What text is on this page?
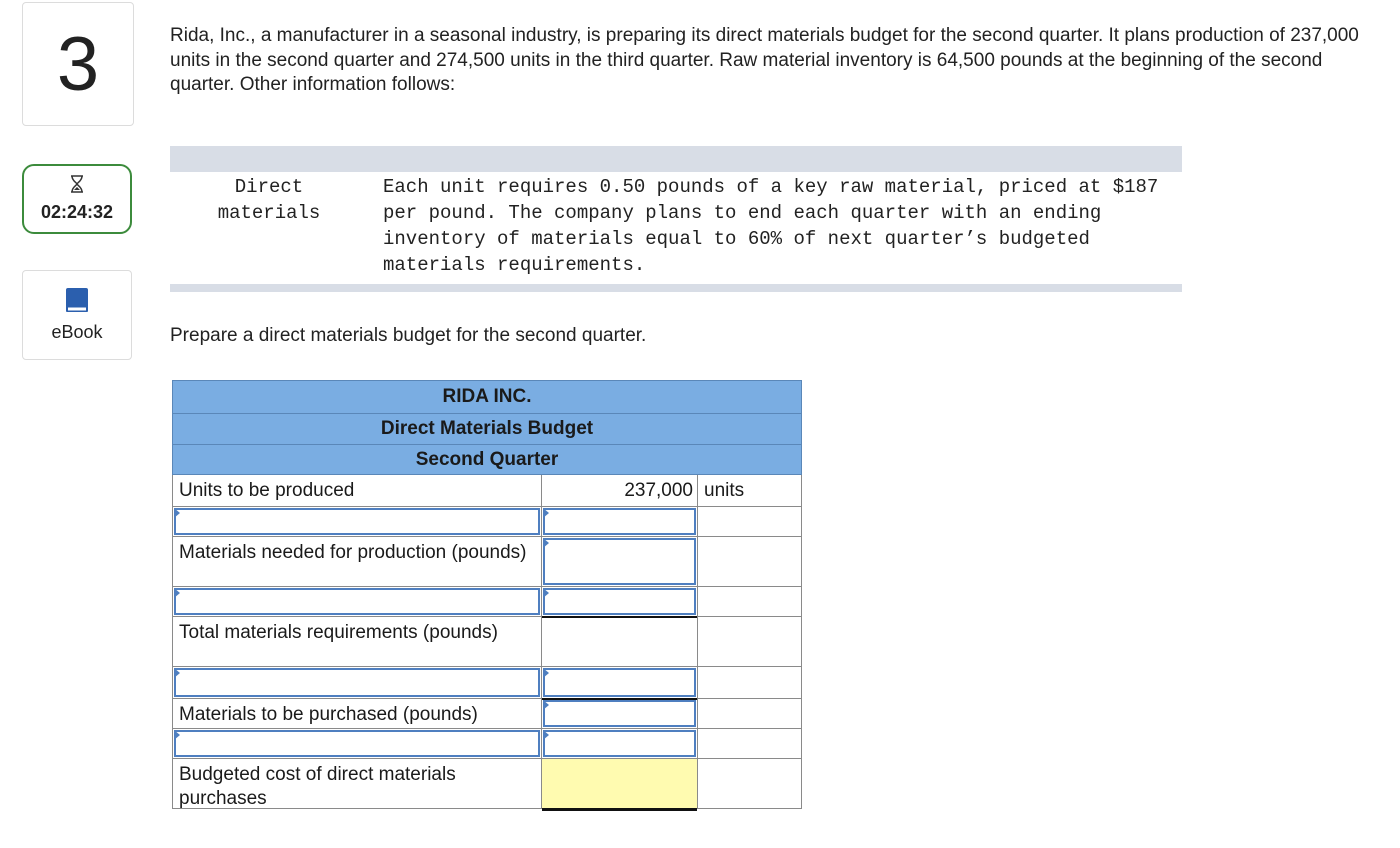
3
02:24:32
eBook
Rida, Inc., a manufacturer in a seasonal industry, is preparing its direct materials budget for the second quarter. It plans production of 237,000 units in the second quarter and 274,500 units in the third quarter. Raw material inventory is 64,500 pounds at the beginning of the second quarter. Other information follows:
Direct
materials
Each unit requires 0.50 pounds of a key raw material, priced at $187 per pound. The company plans to end each quarter with an ending inventory of materials equal to 60% of next quarter’s budgeted materials requirements.
Prepare a direct materials budget for the second quarter.
RIDA INC.
Direct Materials Budget
Second Quarter
Units to be produced	237,000 units
Materials needed for production (pounds)
Total materials requirements (pounds)
Materials to be purchased (pounds)
Budgeted cost of direct materials purchases
